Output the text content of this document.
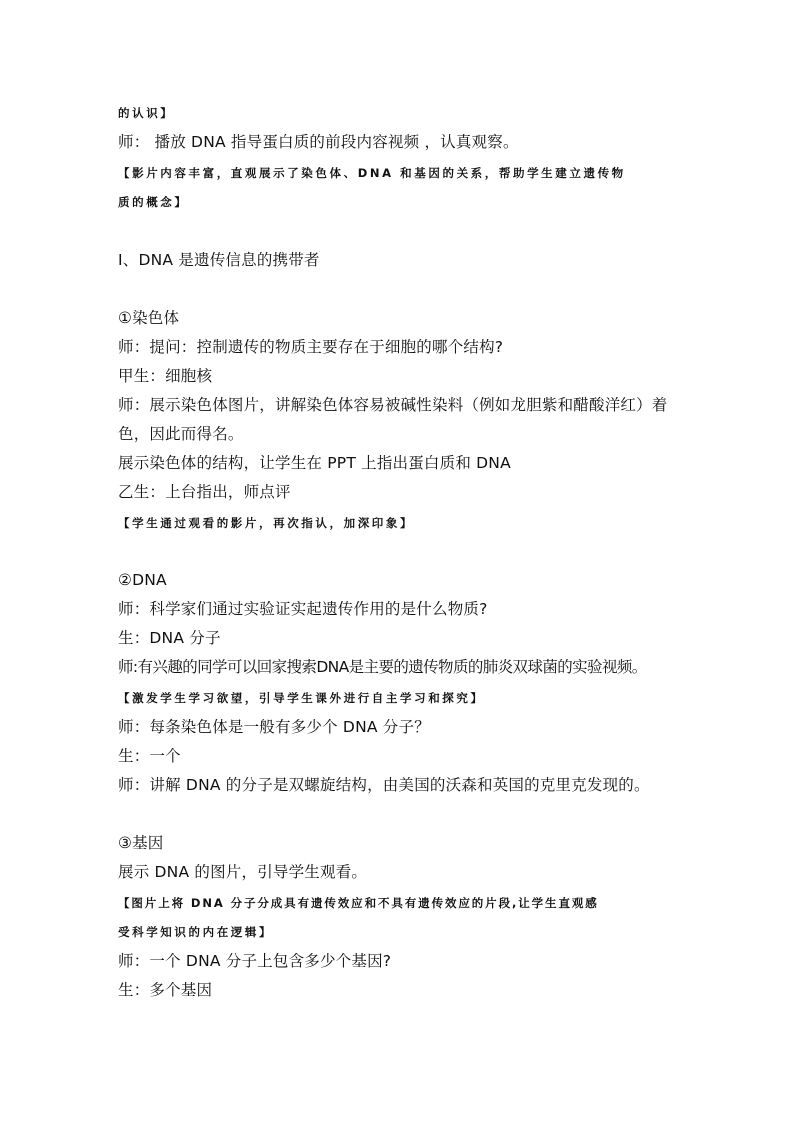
的认识】
师： 播放 DNA 指导蛋白质的前段内容视频 ，认真观察。
【影片内容丰富，直观展示了染色体、DNA 和基因的关系，帮助学生建立遗传物
质的概念】
I、DNA 是遗传信息的携带者
①染色体
师：提问：控制遗传的物质主要存在于细胞的哪个结构?
甲生：细胞核
师：展示染色体图片，讲解染色体容易被碱性染料（例如龙胆紫和醋酸洋红）着
色，因此而得名。
展示染色体的结构，让学生在 PPT 上指出蛋白质和 DNA
乙生：上台指出，师点评
【学生通过观看的影片，再次指认，加深印象】
②DNA
师：科学家们通过实验证实起遗传作用的是什么物质?
生：DNA 分子
师:有兴趣的同学可以回家搜索DNA是主要的遗传物质的肺炎双球菌的实验视频。
【激发学生学习欲望，引导学生课外进行自主学习和探究】
师：每条染色体是一般有多少个 DNA 分子？
生：一个
师：讲解 DNA 的分子是双螺旋结构，由美国的沃森和英国的克里克发现的。
③基因
展示 DNA 的图片，引导学生观看。
【图片上将 DNA 分子分成具有遗传效应和不具有遗传效应的片段,让学生直观感
受科学知识的内在逻辑】
师：一个 DNA 分子上包含多少个基因?
生：多个基因
